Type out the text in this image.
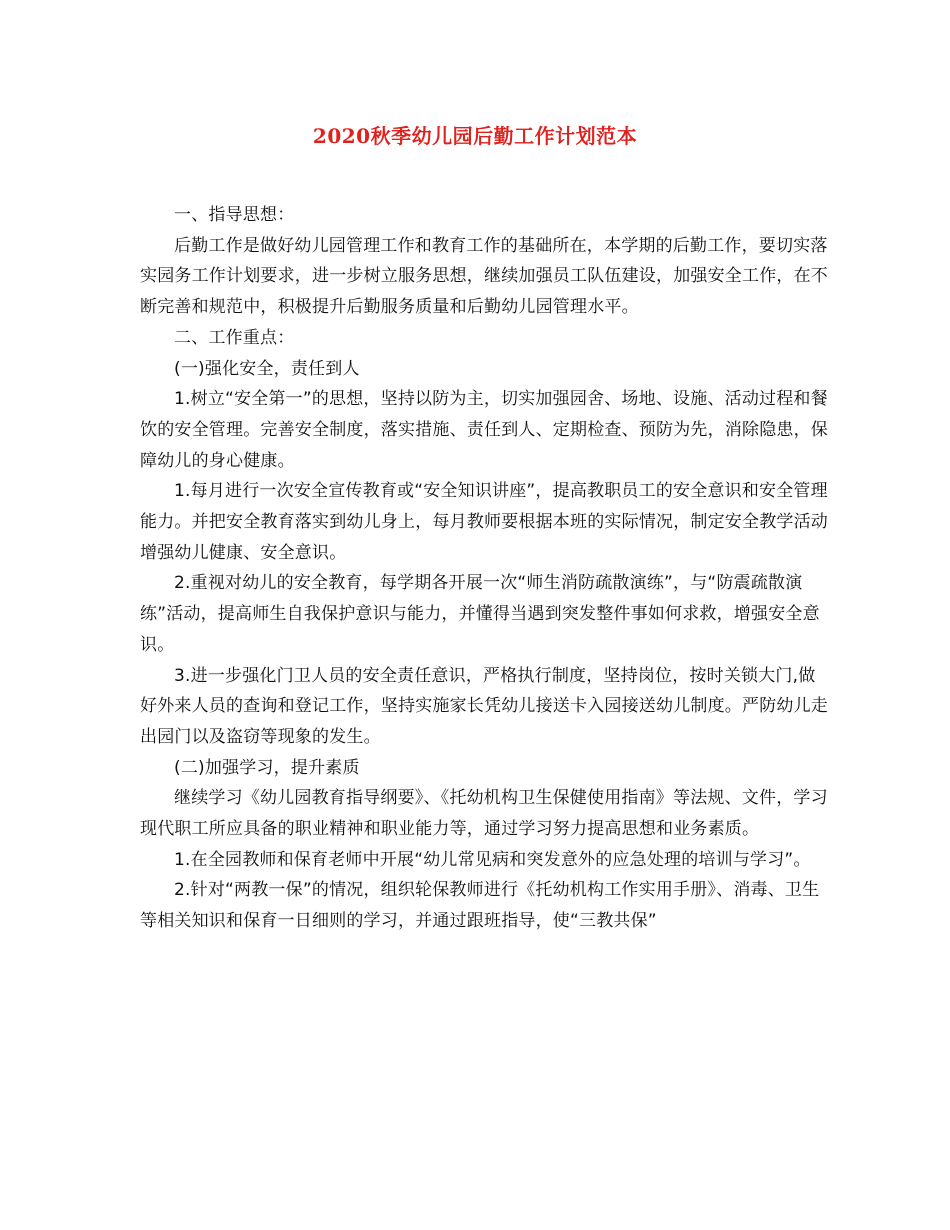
2020秋季幼儿园后勤工作计划范本

一、指导思想：

后勤工作是做好幼儿园管理工作和教育工作的基础所在，本学期的后勤工作，要切实落实园务工作计划要求，进一步树立服务思想，继续加强员工队伍建设，加强安全工作，在不断完善和规范中，积极提升后勤服务质量和后勤幼儿园管理水平。

二、工作重点：

(一)强化安全，责任到人

1.树立“安全第一”的思想，坚持以防为主，切实加强园舍、场地、设施、活动过程和餐饮的安全管理。完善安全制度，落实措施、责任到人、定期检查、预防为先，消除隐患，保障幼儿的身心健康。

1.每月进行一次安全宣传教育或“安全知识讲座”，提高教职员工的安全意识和安全管理能力。并把安全教育落实到幼儿身上，每月教师要根据本班的实际情况，制定安全教学活动增强幼儿健康、安全意识。

2.重视对幼儿的安全教育，每学期各开展一次“师生消防疏散演练”，与“防震疏散演练”活动，提高师生自我保护意识与能力，并懂得当遇到突发整件事如何求救，增强安全意识。

3.进一步强化门卫人员的安全责任意识，严格执行制度，坚持岗位，按时关锁大门,做好外来人员的查询和登记工作，坚持实施家长凭幼儿接送卡入园接送幼儿制度。严防幼儿走出园门以及盗窃等现象的发生。

(二)加强学习，提升素质

继续学习《幼儿园教育指导纲要》、《托幼机构卫生保健使用指南》等法规、文件，学习现代职工所应具备的职业精神和职业能力等，通过学习努力提高思想和业务素质。

1.在全园教师和保育老师中开展“幼儿常见病和突发意外的应急处理的培训与学习”。

2.针对“两教一保”的情况，组织轮保教师进行《托幼机构工作实用手册》、消毒、卫生等相关知识和保育一日细则的学习，并通过跟班指导，使“三教共保”
